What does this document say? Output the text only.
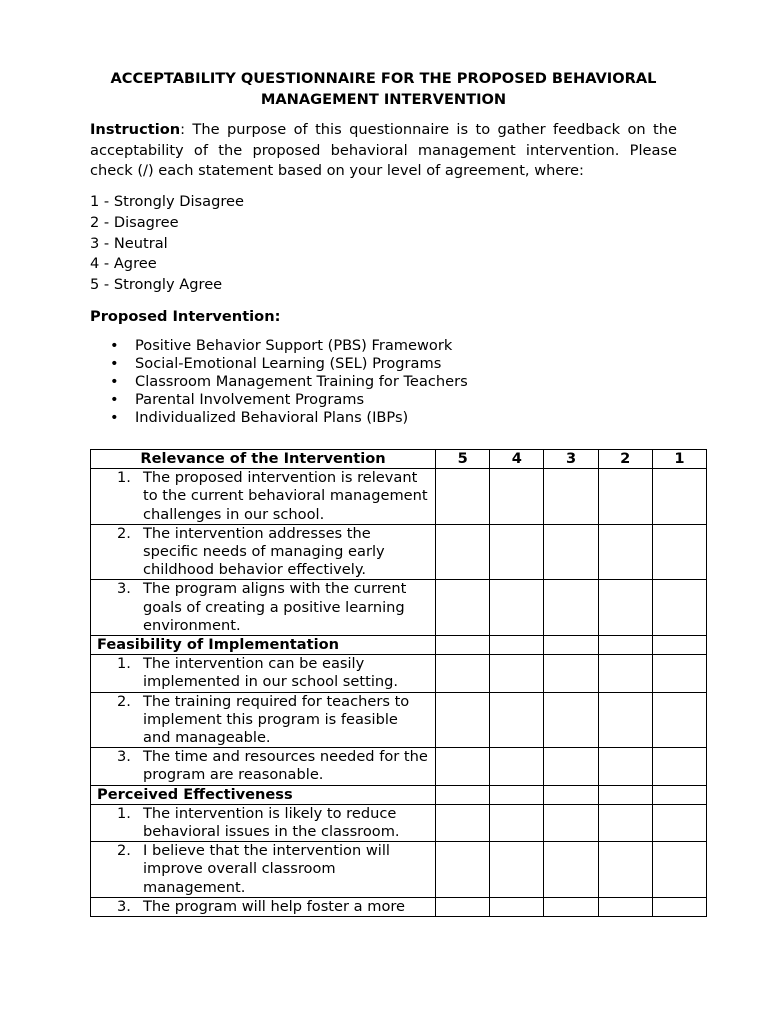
ACCEPTABILITY QUESTIONNAIRE FOR THE PROPOSED BEHAVIORAL
MANAGEMENT INTERVENTION

Instruction: The purpose of this questionnaire is to gather feedback on the acceptability of the proposed behavioral management intervention. Please check (/) each statement based on your level of agreement, where:

1 - Strongly Disagree
2 - Disagree
3 - Neutral
4 - Agree
5 - Strongly Agree

Proposed Intervention:

• Positive Behavior Support (PBS) Framework
• Social-Emotional Learning (SEL) Programs
• Classroom Management Training for Teachers
• Parental Involvement Programs
• Individualized Behavioral Plans (IBPs)
Relevance of the Intervention	5	4	3	2	1

1. The proposed intervention is relevant to the current behavioral management challenges in our school.					

2. The intervention addresses the specific needs of managing early childhood behavior effectively.					

3. The program aligns with the current goals of creating a positive learning environment.					

Feasibility of Implementation					

1. The intervention can be easily implemented in our school setting.					

2. The training required for teachers to implement this program is feasible and manageable.					

3. The time and resources needed for the program are reasonable.					

Perceived Effectiveness					

1. The intervention is likely to reduce behavioral issues in the classroom.					

2. I believe that the intervention will improve overall classroom management.					

3. The program will help foster a more					
